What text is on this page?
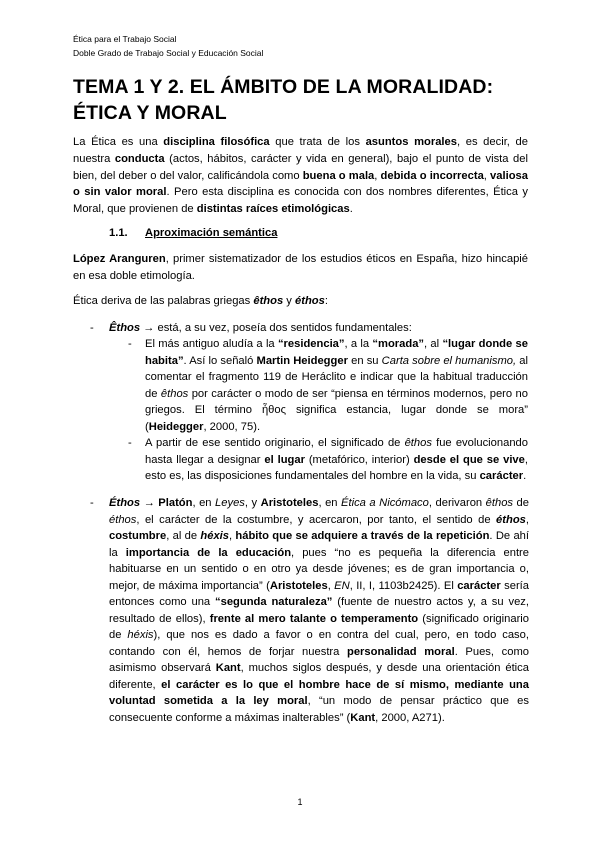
Ética para el Trabajo Social
Doble Grado de Trabajo Social y Educación Social
TEMA 1 Y 2. EL ÁMBITO DE LA MORALIDAD:
ÉTICA Y MORAL
La Ética es una disciplina filosófica que trata de los asuntos morales, es decir, de nuestra conducta (actos, hábitos, carácter y vida en general), bajo el punto de vista del bien, del deber o del valor, calificándola como buena o mala, debida o incorrecta, valiosa o sin valor moral. Pero esta disciplina es conocida con dos nombres diferentes, Ética y Moral, que provienen de distintas raíces etimológicas.
1.1. Aproximación semántica
López Aranguren, primer sistematizador de los estudios éticos en España, hizo hincapié en esa doble etimología.
Ética deriva de las palabras griegas êthos y éthos:
- Êthos → está, a su vez, poseía dos sentidos fundamentales:
- El más antiguo aludía a la “residencia”, a la “morada”, al “lugar donde se habita”. Así lo señaló Martin Heidegger en su Carta sobre el humanismo, al comentar el fragmento 119 de Heráclito e indicar que la habitual traducción de êthos por carácter o modo de ser “piensa en términos modernos, pero no griegos. El término ἦθος significa estancia, lugar donde se mora” (Heidegger, 2000, 75).
- A partir de ese sentido originario, el significado de êthos fue evolucionando hasta llegar a designar el lugar (metafórico, interior) desde el que se vive, esto es, las disposiciones fundamentales del hombre en la vida, su carácter.
- Éthos → Platón, en Leyes, y Aristoteles, en Ética a Nicómaco, derivaron êthos de éthos, el carácter de la costumbre, y acercaron, por tanto, el sentido de éthos, costumbre, al de héxis, hábito que se adquiere a través de la repetición. De ahí la importancia de la educación, pues “no es pequeña la diferencia entre habituarse en un sentido o en otro ya desde jóvenes; es de gran importancia o, mejor, de máxima importancia” (Aristoteles, EN, II, I, 1103b2425). El carácter sería entonces como una “segunda naturaleza” (fuente de nuestro actos y, a su vez, resultado de ellos), frente al mero talante o temperamento (significado originario de héxis), que nos es dado a favor o en contra del cual, pero, en todo caso, contando con él, hemos de forjar nuestra personalidad moral. Pues, como asimismo observará Kant, muchos siglos después, y desde una orientación ética diferente, el carácter es lo que el hombre hace de sí mismo, mediante una voluntad sometida a la ley moral, “un modo de pensar práctico que es consecuente conforme a máximas inalterables” (Kant, 2000, A271).
1
